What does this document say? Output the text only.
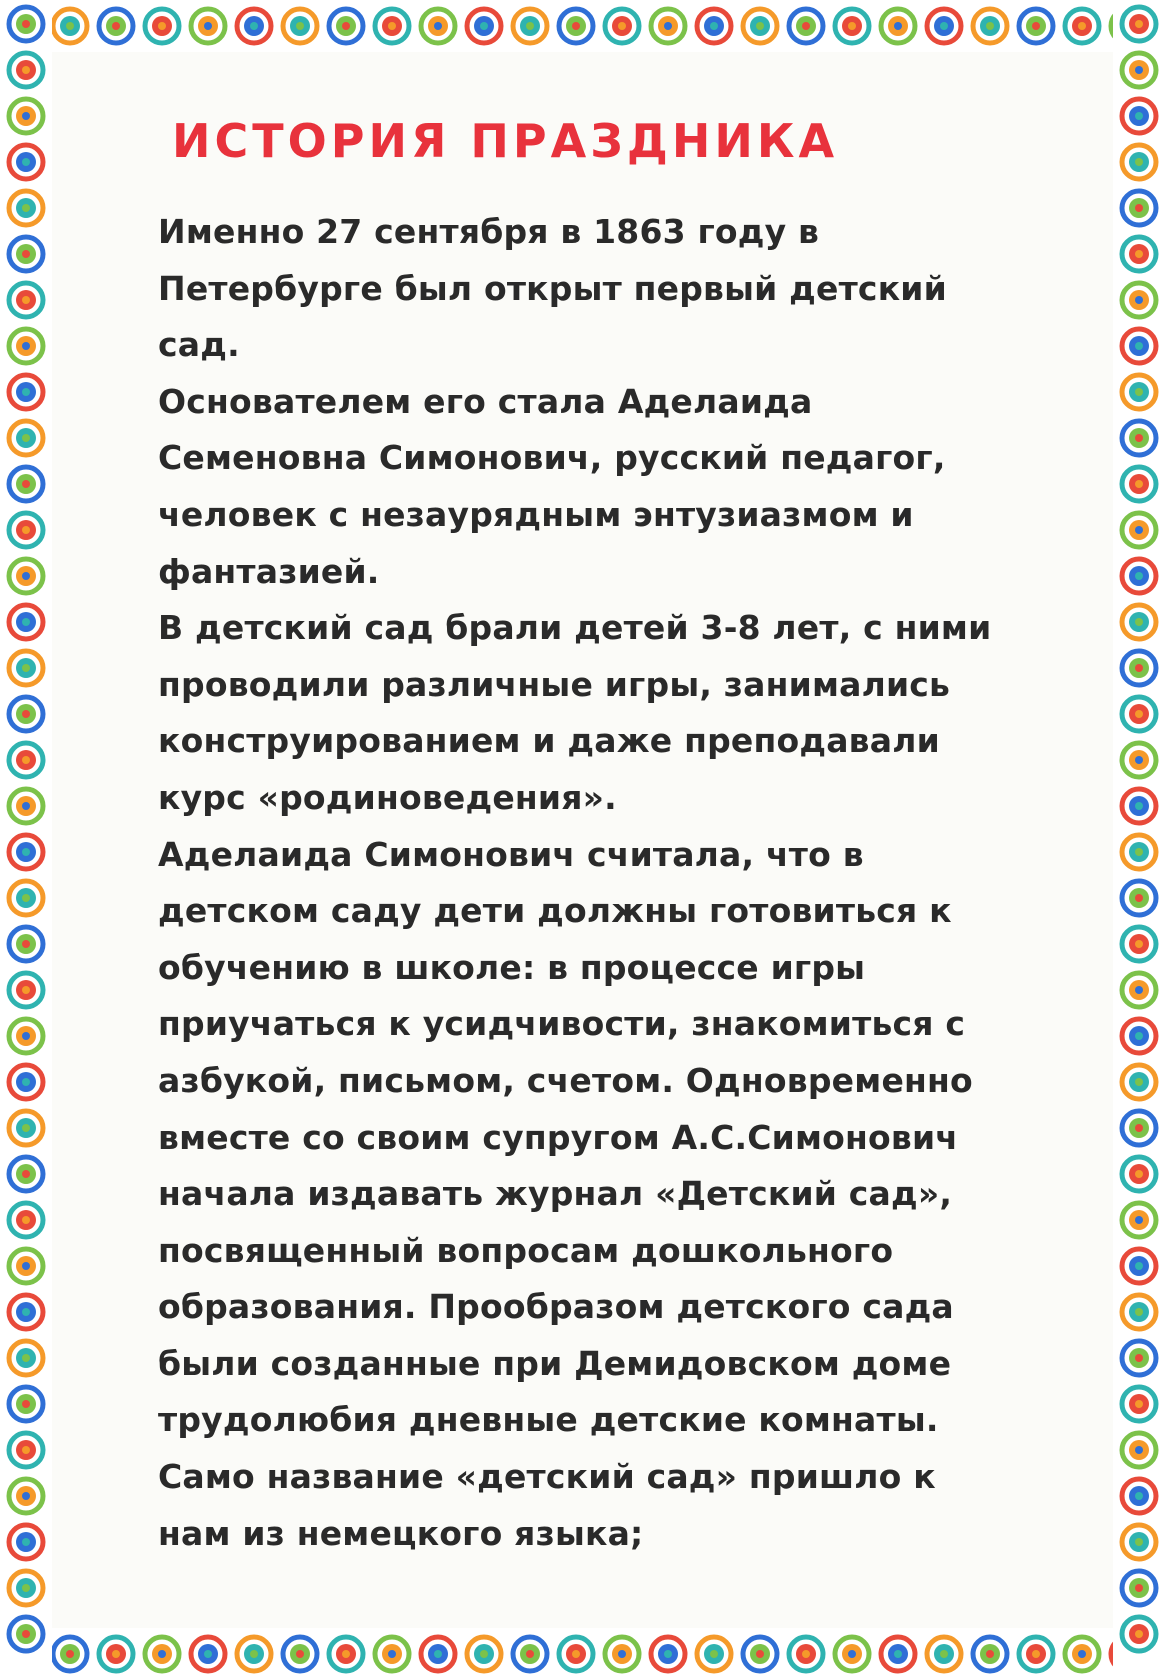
ИСТОРИЯ ПРАЗДНИКА

Именно 27 сентября в 1863 году в
Петербурге был открыт первый детский
сад.
Основателем его стала Аделаида
Семеновна Симонович, русский педагог,
человек с незаурядным энтузиазмом и
фантазией.
В детский сад брали детей 3-8 лет, с ними
проводили различные игры, занимались
конструированием и даже преподавали
курс «родиноведения».
Аделаида Симонович считала, что в
детском саду дети должны готовиться к
обучению в школе: в процессе игры
приучаться к усидчивости, знакомиться с
азбукой, письмом, счетом. Одновременно
вместе со своим супругом А.С.Симонович
начала издавать журнал «Детский сад»,
посвященный вопросам дошкольного
образования. Прообразом детского сада
были созданные при Демидовском доме
трудолюбия дневные детские комнаты.
Само название «детский сад» пришло к
нам из немецкого языка;
